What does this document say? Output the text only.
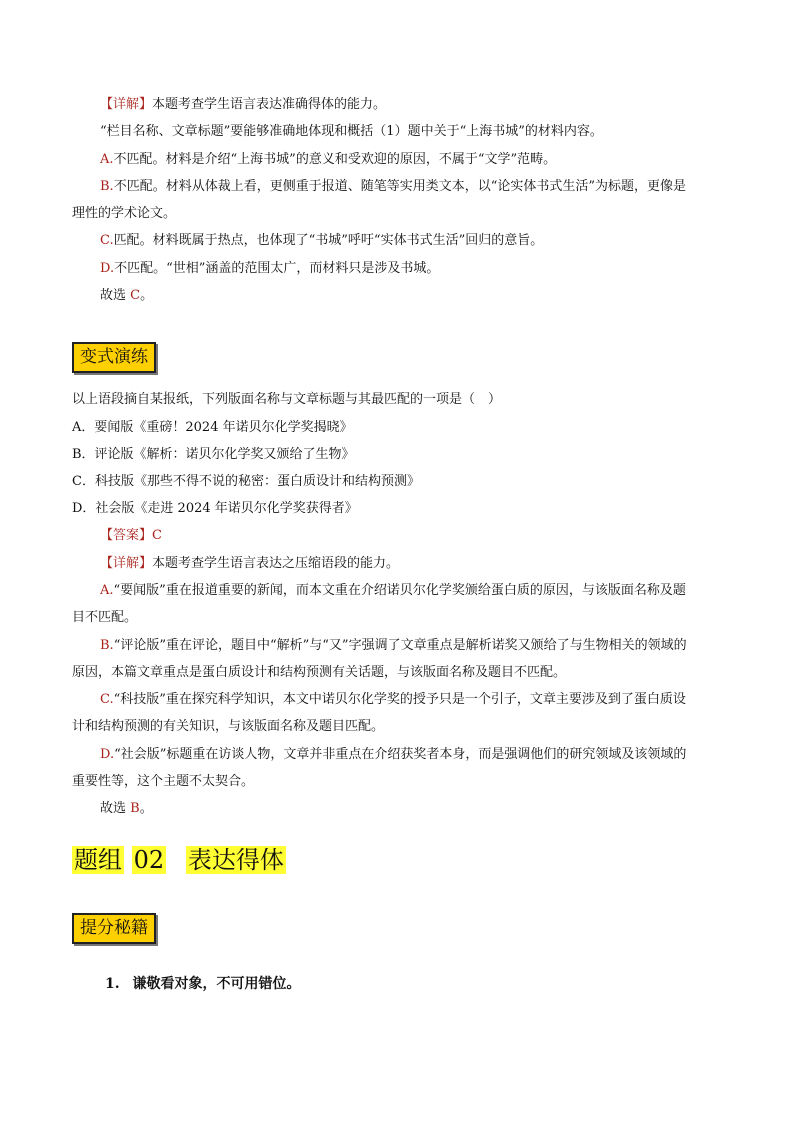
【详解】本题考查学生语言表达准确得体的能力。
“栏目名称、文章标题”要能够准确地体现和概括（1）题中关于“上海书城”的材料内容。
A.不匹配。材料是介绍“上海书城”的意义和受欢迎的原因，不属于“文学”范畴。
B.不匹配。材料从体裁上看，更侧重于报道、随笔等实用类文本，以“论实体书式生活”为标题，更像是
理性的学术论文。
C.匹配。材料既属于热点，也体现了“书城”呼吁“实体书式生活”回归的意旨。
D.不匹配。“世相”涵盖的范围太广，而材料只是涉及书城。
故选 C。
变式演练
以上语段摘自某报纸，下列版面名称与文章标题与其最匹配的一项是（　）
A．要闻版《重磅！2024 年诺贝尔化学奖揭晓》
B．评论版《解析：诺贝尔化学奖又颁给了生物》
C．科技版《那些不得不说的秘密：蛋白质设计和结构预测》
D．社会版《走进 2024 年诺贝尔化学奖获得者》
【答案】C
【详解】本题考查学生语言表达之压缩语段的能力。
A.“要闻版”重在报道重要的新闻，而本文重在介绍诺贝尔化学奖颁给蛋白质的原因，与该版面名称及题
目不匹配。
B.“评论版”重在评论，题目中“解析”与“又”字强调了文章重点是解析诺奖又颁给了与生物相关的领域的
原因，本篇文章重点是蛋白质设计和结构预测有关话题，与该版面名称及题目不匹配。
C.“科技版”重在探究科学知识，本文中诺贝尔化学奖的授予只是一个引子，文章主要涉及到了蛋白质设
计和结构预测的有关知识，与该版面名称及题目匹配。
D.“社会版”标题重在访谈人物，文章并非重点在介绍获奖者本身，而是强调他们的研究领域及该领域的
重要性等，这个主题不太契合。
故选 B。
题组 02 表达得体
提分秘籍
1. 谦敬看对象，不可用错位。
